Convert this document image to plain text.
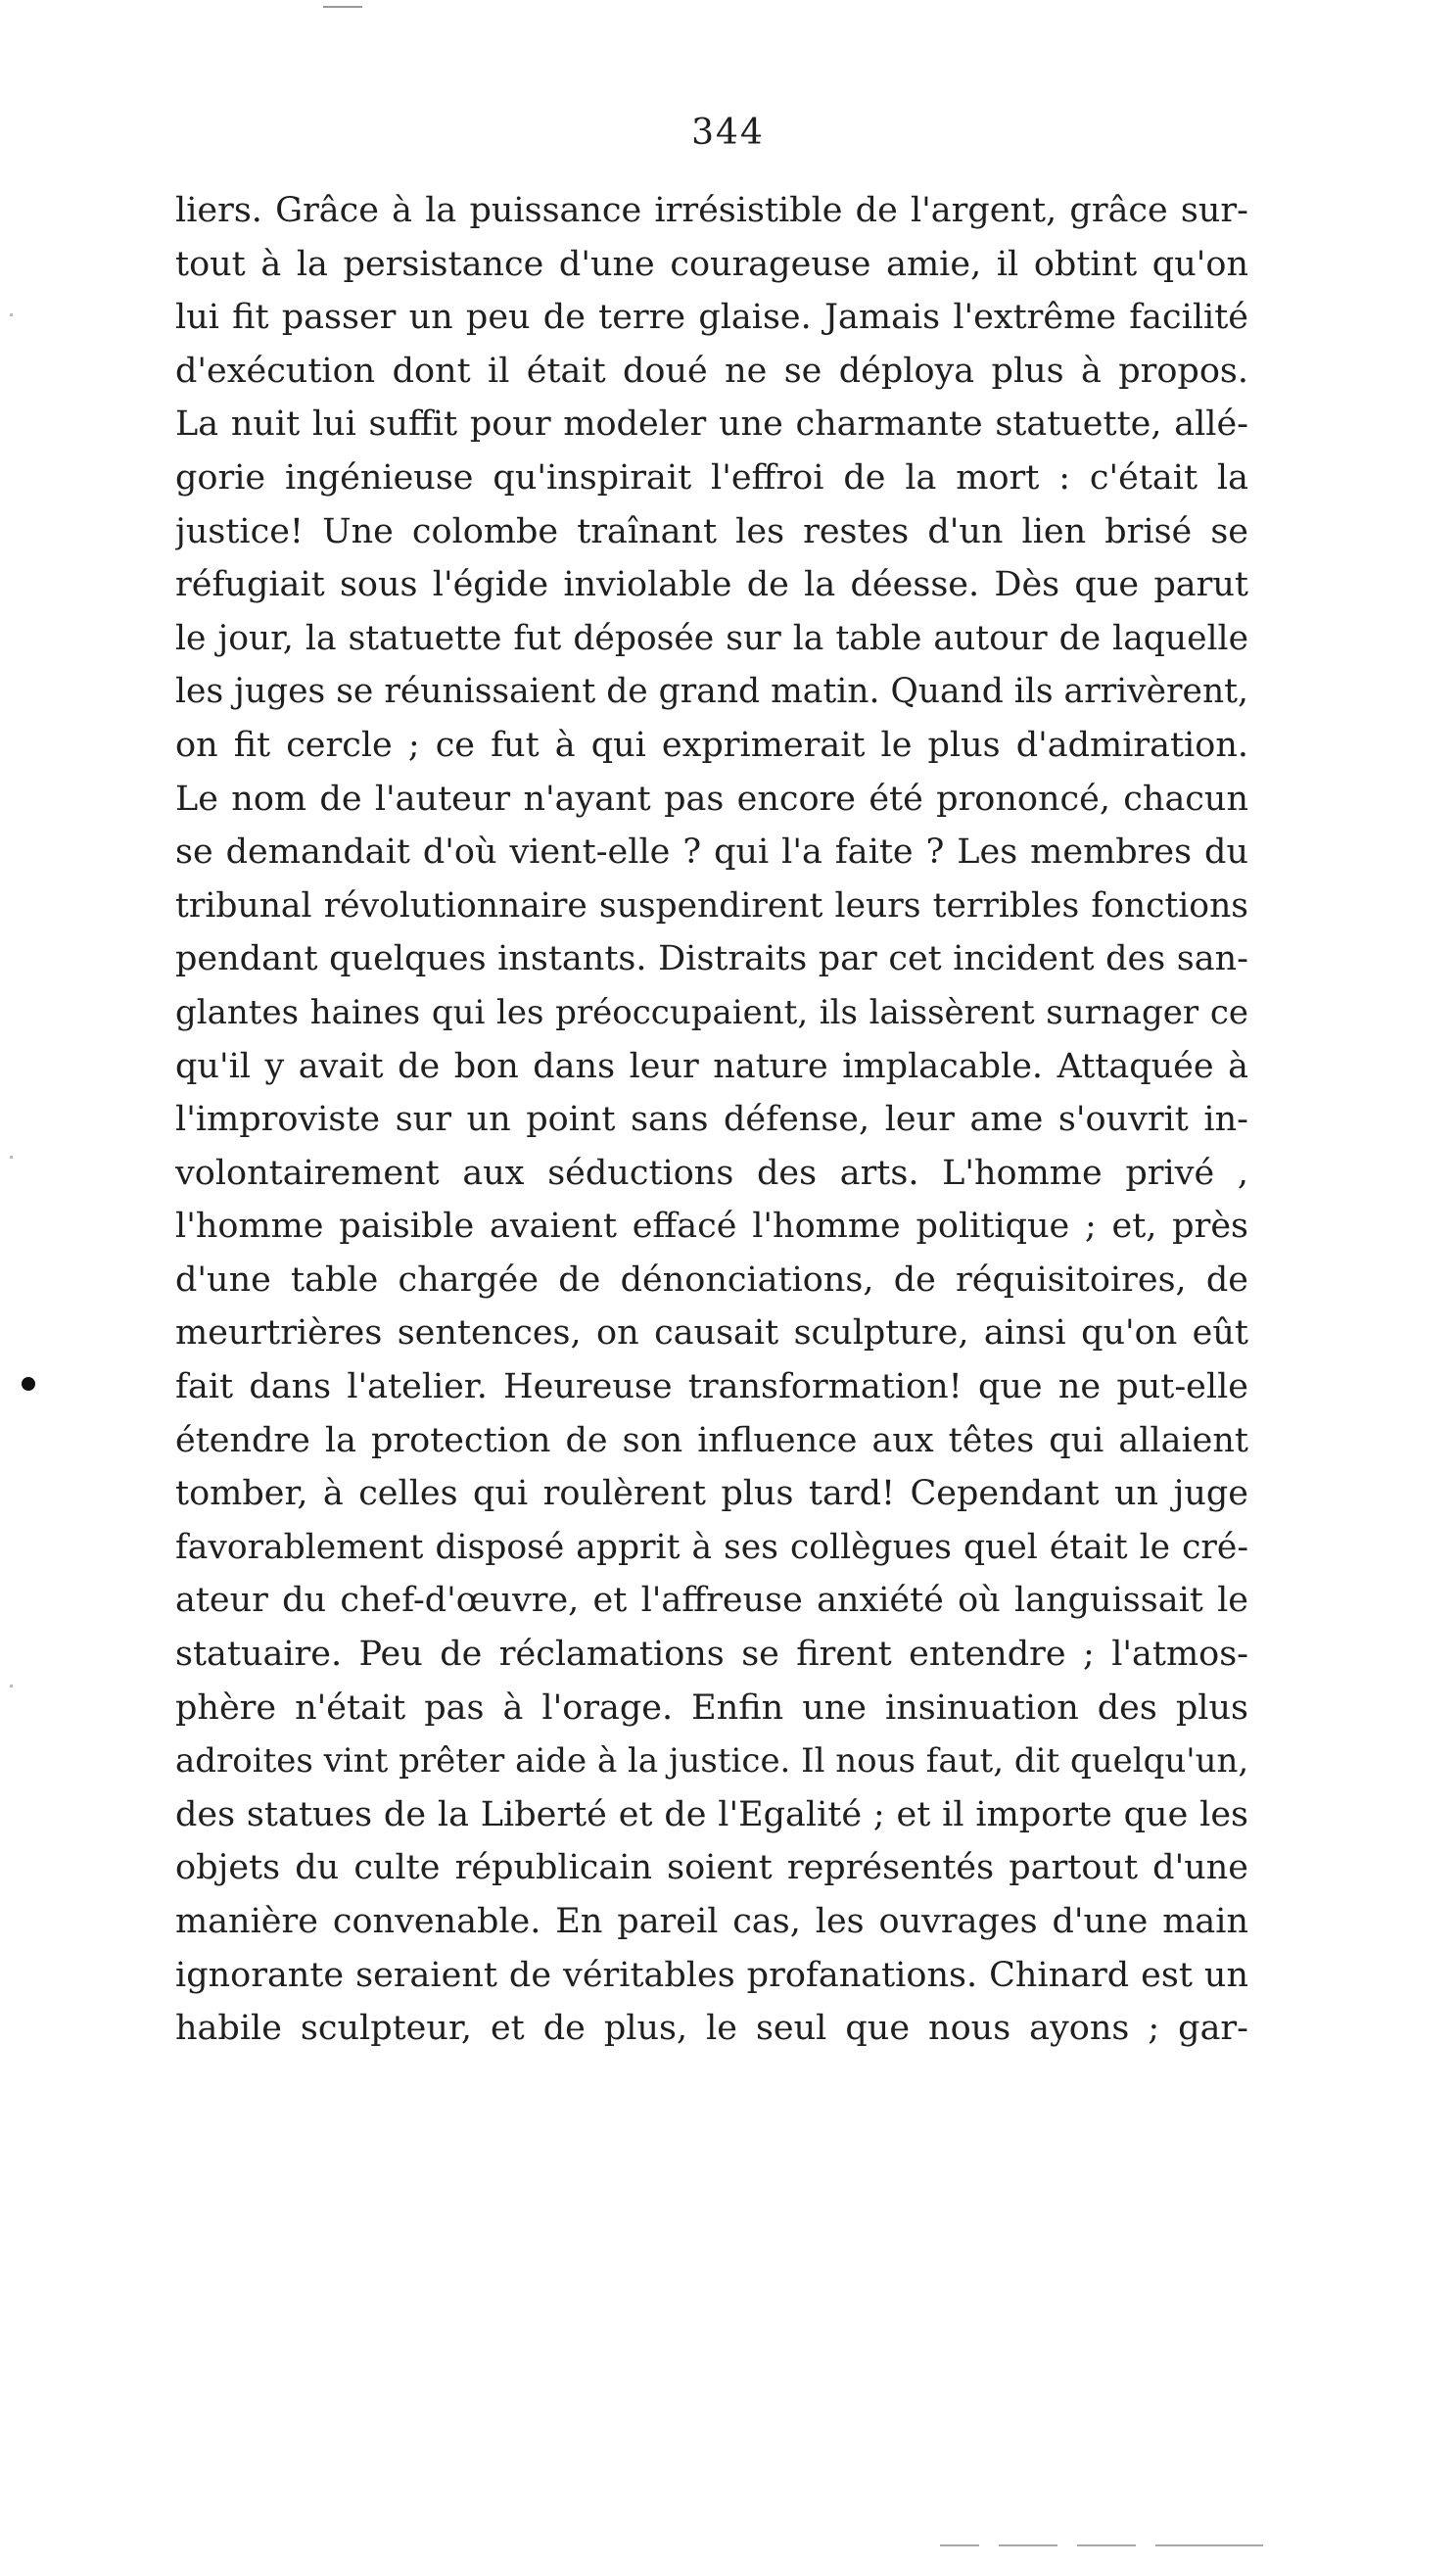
344
liers. Grâce à la puissance irrésistible de l'argent, grâce sur-
tout à la persistance d'une courageuse amie, il obtint qu'on
lui fit passer un peu de terre glaise. Jamais l'extrême facilité
d'exécution dont il était doué ne se déploya plus à propos.
La nuit lui suffit pour modeler une charmante statuette, allé-
gorie ingénieuse qu'inspirait l'effroi de la mort : c'était la
justice! Une colombe traînant les restes d'un lien brisé se
réfugiait sous l'égide inviolable de la déesse. Dès que parut
le jour, la statuette fut déposée sur la table autour de laquelle
les juges se réunissaient de grand matin. Quand ils arrivèrent,
on fit cercle ; ce fut à qui exprimerait le plus d'admiration.
Le nom de l'auteur n'ayant pas encore été prononcé, chacun
se demandait d'où vient-elle ? qui l'a faite ? Les membres du
tribunal révolutionnaire suspendirent leurs terribles fonctions
pendant quelques instants. Distraits par cet incident des san-
glantes haines qui les préoccupaient, ils laissèrent surnager ce
qu'il y avait de bon dans leur nature implacable. Attaquée à
l'improviste sur un point sans défense, leur ame s'ouvrit in-
volontairement aux séductions des arts. L'homme privé ,
l'homme paisible avaient effacé l'homme politique ; et, près
d'une table chargée de dénonciations, de réquisitoires, de
meurtrières sentences, on causait sculpture, ainsi qu'on eût
fait dans l'atelier. Heureuse transformation! que ne put-elle
étendre la protection de son influence aux têtes qui allaient
tomber, à celles qui roulèrent plus tard! Cependant un juge
favorablement disposé apprit à ses collègues quel était le cré-
ateur du chef-d'œuvre, et l'affreuse anxiété où languissait le
statuaire. Peu de réclamations se firent entendre ; l'atmos-
phère n'était pas à l'orage. Enfin une insinuation des plus
adroites vint prêter aide à la justice. Il nous faut, dit quelqu'un,
des statues de la Liberté et de l'Egalité ; et il importe que les
objets du culte républicain soient représentés partout d'une
manière convenable. En pareil cas, les ouvrages d'une main
ignorante seraient de véritables profanations. Chinard est un
habile sculpteur, et de plus, le seul que nous ayons ; gar-
